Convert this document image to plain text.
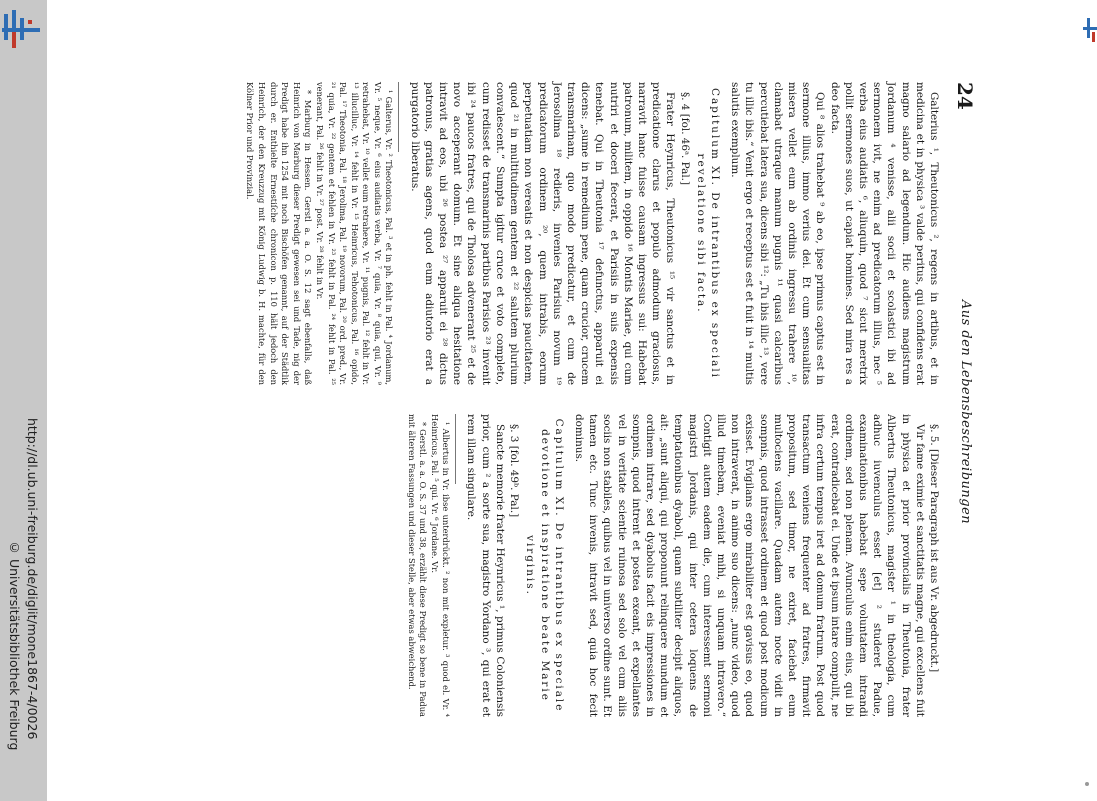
http://dl.ub.uni-freiburg.de/diglit/mone1867-4/0026
© Universitätsbibliothek Freiburg
24
Aus den Lebensbeschreibungen

Galterius ¹, Theutonicus ², regens in artibus, et in medicina et in physica ³ valde peritus, qui confidens erat magno salario ad legendum. Hic audiens magistrum Jordanum ⁴ venisse, alii socii et scolastici ibi ad sermonem ivit, ne enim ad predicatorum illius, nec ⁵ verba eius audiatis ⁶, aliuquin, quod ⁷ sicut meretrix pollit sermones suos, ut capiat homines. Sed mira res a deo facta.

Qui ⁸ alios trahebat ⁹ ab eo, ipse primus captus est in sermone illius, immo verius dei. Et cum sensualitas misera vellet eum ab ordinis ingressu trahere ¹⁰, clamabat utraque manum pugnis ¹¹ quasi calcaribus percutiebat latera sua, dicens sibi ¹²: „Tu ibis illic ¹³, vere tu illic ibis.“ Venit ergo et receptus est et fuit in ¹⁴ multis salutis exemplum.

Capitulum XI. De intrantibus ex speciali revelatione sibi facta.

§. 4 [fol. 46ᵃ. Pal.]

Frater Heynricus, Theutonicus ¹⁵ vir sanctus et in predicatione clarus et populo admodum graciosus, narravit hanc fuisse causam ingressus sui: Habebat patronum, militem, in oppido ¹⁶ Montis Mariae, qui cum nutriri et doceri fecerat, et Parisiis in suis expensis tenebat. Qui in Theutonia ¹⁷ defunctus, apparuit ei dicens: „sume in remedium pene, quam crucior, crucem transmarinam, quo modo predicatur, et cum de Jerosolima ¹⁸ redieris, invenies Parisius novum ¹⁹ predicatorum ordinem ²⁰, quem intrabis, eorum perpetuatiam non vereatis et non despicias paucitatem, quod ²¹ in multitudinem gentem et ²² salutem plurium convalescent.“ Sumpta igitur cruce et voto completo, cum redisset de transmarinis partibus Parisios ²³ invenit ibi ²⁴ paucos fratres, qui de Tholosa advenerant ²⁵ et de novo acceperant domum. Et sine aliqua hesitatione intravit ad eos, ubi ²⁶ postea ²⁷ apparuit ei ²⁸ dictus patronus, gratias agens, quod eum adiutorio erat a purgatorio liberatus.

¹ Galterus, Vr. ² Theotonicus, Pal. ³ et in ph. fehlt in Pal. ⁴ Jordanum, Vr. ⁵ neque, Vr. ⁶ eius audiatis verba, Vr. ⁷ quia, Vr. ⁸ quia, qui, Vr. ⁹ retrahebat, Vr. ¹⁰ vellet eum retrahere, Vr. ¹¹ pugnis, Pal. ¹² fehlt in Vr. ¹³ illucilluc, Vr. ¹⁴ fehlt in Vr. ¹⁵ Heinricus, Tehotonicus, Pal. ¹⁶ opido, Pal. ¹⁷ Theotonia, Pal. ¹⁸ Jerolima, Pal. ¹⁹ novorum, Pal. ²⁰ ord. pred., Vr. ²¹ quia, Vr. ²² gentem et fehlen in Vr. ²³ fehlt in Pal. ²⁴ fehlt in Pal. ²⁵ venerant, Pal. ²⁶ fehlt in Vr. ²⁷ post. Vr. ²⁸ fehlt in Vr.

* Marburg in Hessen. Gerstl a. a. O. S. 12 sagt ebenfalls, daß Heinrich von Marburg dieser Predigt gewesen sei und Tade, nig der Predigt habe ihn 1254 mit noch Bischöfen genannt, auf der Städtlik durch er. Enthielte Ernestiſche chronicon p. 110 hält jedoch den Heinrich, der den Kreuzzug mit König Ludwig b. H. machte, für den Kölner Prior und Provinzial.

§. 5. [Dieser Paragraph ist aus Vr. abgedruckt.]

Vir fame eximie et sanctitatis magne, qui excellens fuit in physica et prior provincialis in Theutonia, frater Albertus Theutonicus, magister ¹ in theologia, cum adhuc iuvenculus esset [et] ² studeret Padue, examinationibus habebat sepe voluntatem intrandi ordinem, sed non plenam. Avunculus enim eius, qui ibi erat, contradicebat ei. Unde et ipsum intare compulit, ne infra certum tempus iret ad domum fratrum. Post quod transactum veniens frequenter ad fratres, firmavit propositum, sed timor, ne exiret, faciebat eum multociens vacillare. Quadam autem nocte vidit in sompnis, quod intrasset ordinem et quod post modicum exisset. Evigilans ergo mirabiliter est gavisus eo, quod non intraverat, in animo suo dicens: „nunc video, quod illud timebam, eveniat mihi, si unquam intravero.“ Contigit autem eadem die, cum interessemt sermoni magistri Jordanis, qui inter cetera loquens de temptationibus dyaboli, quam subtiliter decipit aliquos, ait: „sunt aliqui, qui proponunt relinquere mundum et ordinem intrare, sed dyabolus facit eis impressiones in sompnis, quod intrent et postea exeant, et expellantes vel in veritate scientie ruinosa sed solo vel cum aliis sociis non stabiles, quibus vel in universo ordine sunt. Et tamen etc. Tunc invenis, intravit sed, quia hoc fecit dominus.

Capitulum XI. De intrantibus ex speciale devotione et inspiratione beate Marie virginis.

§. 3 [fol. 49ᵇ. Pal.]

Sancte memorie frater Heynricus ¹, primus Coloniensis prior, cum ² a sorte sua, magistro Yordano ³, qui erat et rem illam singulare.

¹ Albertus in Vr. ibse unterdrückt. ² non mit expletur. ³ quod el. Vr. ⁴ Heinricus, Pal. ⁵ qui. Vr. ⁶ Jordane. Vr.

* Gerstl. a. a. O. S. 37 und 38, erzählt diese Predigt so bene in Padua mit älteren Fassungen und dieser Stelle, aber etwas abweichend.
